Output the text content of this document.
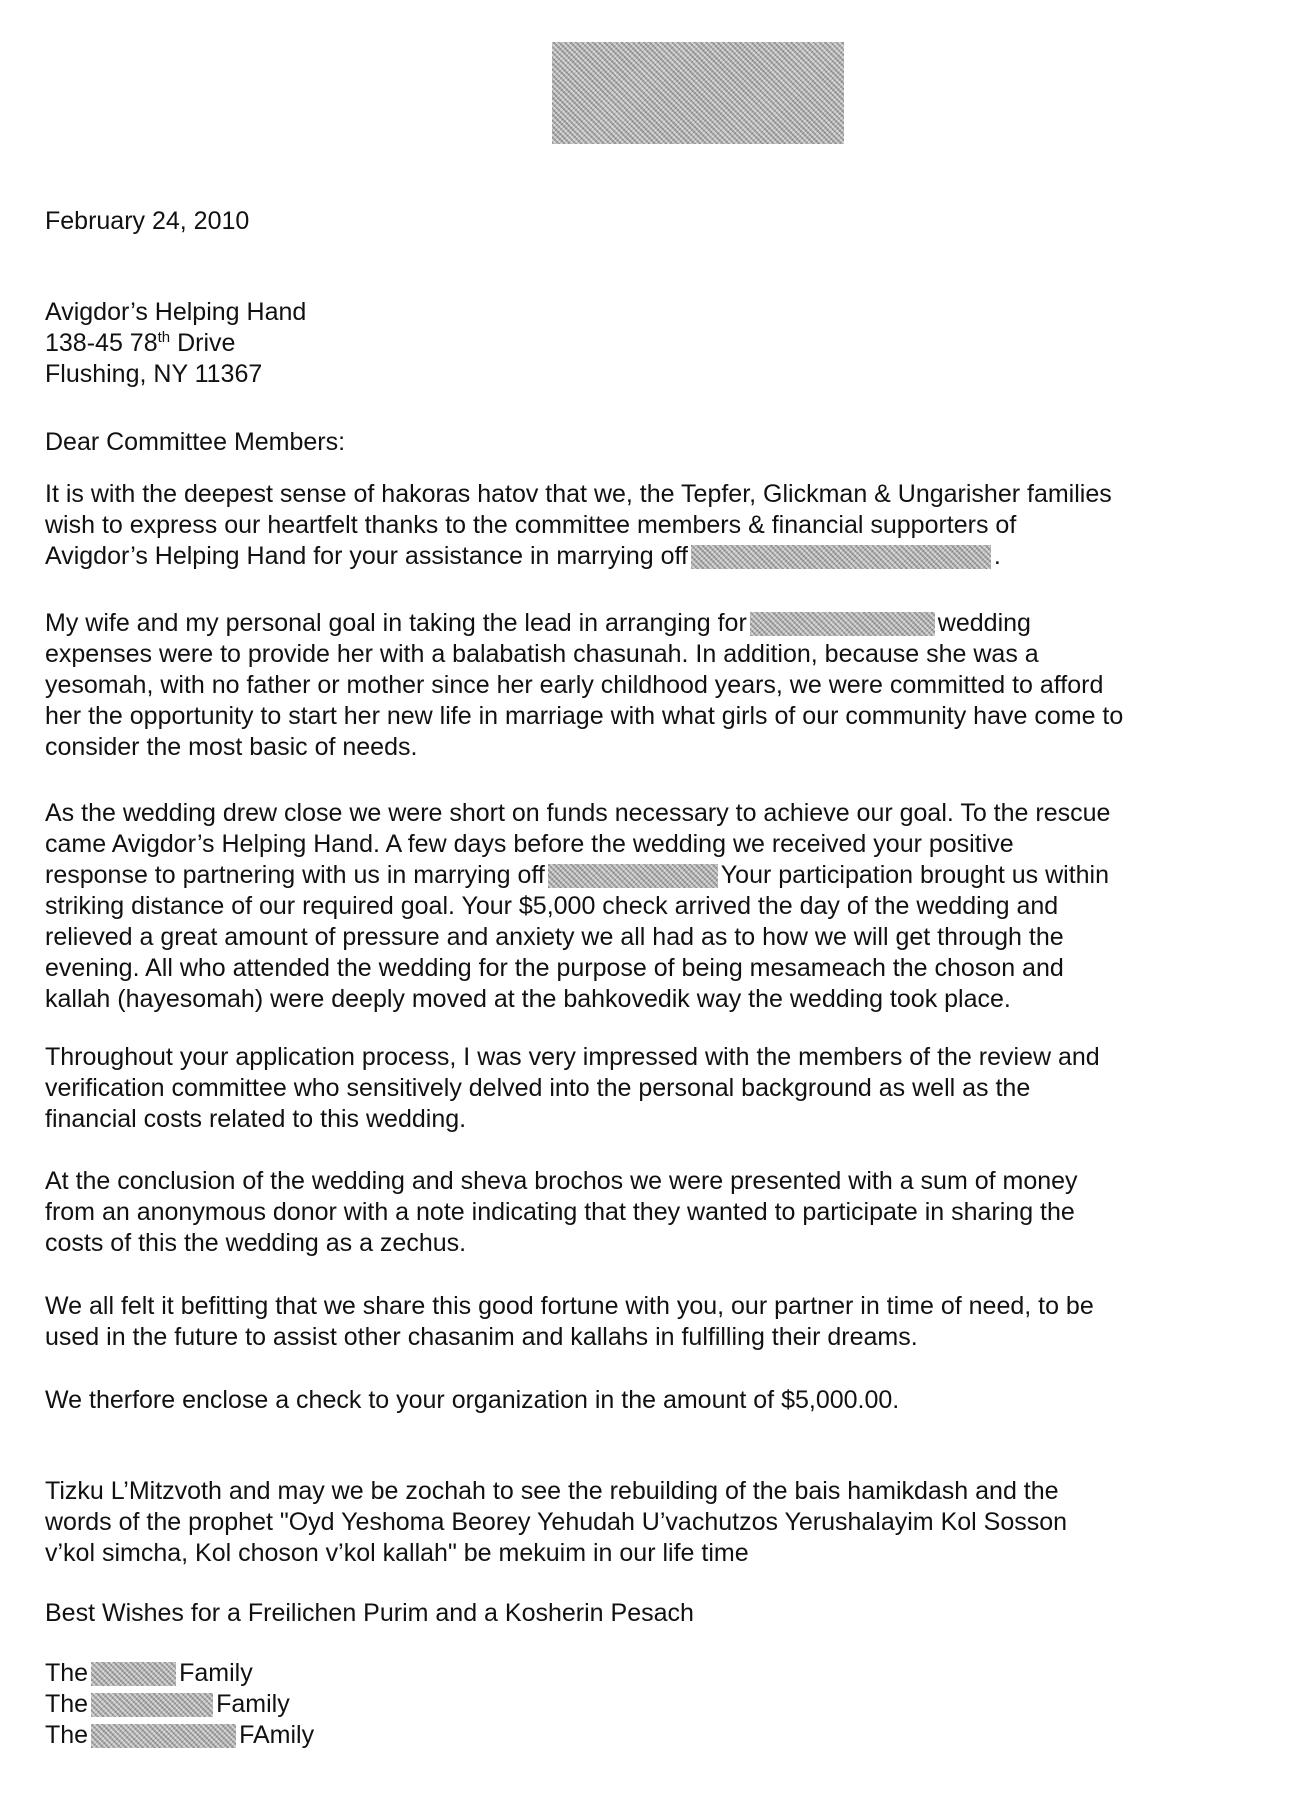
February 24, 2010
Avigdor’s Helping Hand
138-45 78th Drive
Flushing, NY 11367
Dear Committee Members:
It is with the deepest sense of hakoras hatov that we, the Tepfer, Glickman & Ungarisher families
wish to express our heartfelt thanks to the committee members & financial supporters of
Avigdor’s Helping Hand for your assistance in marrying off	.
My wife and my personal goal in taking the lead in arranging for	wedding
expenses were to provide her with a balabatish chasunah. In addition, because she was a
yesomah, with no father or mother since her early childhood years, we were committed to afford
her the opportunity to start her new life in marriage with what girls of our community have come to
consider the most basic of needs.
As the wedding drew close we were short on funds necessary to achieve our goal. To the rescue
came Avigdor’s Helping Hand. A few days before the wedding we received your positive
response to partnering with us in marrying off	Your participation brought us within
striking distance of our required goal. Your $5,000 check arrived the day of the wedding and
relieved a great amount of pressure and anxiety we all had as to how we will get through the
evening. All who attended the wedding for the purpose of being mesameach the choson and
kallah (hayesomah) were deeply moved at the bahkovedik way the wedding took place.
Throughout your application process, I was very impressed with the members of the review and
verification committee who sensitively delved into the personal background as well as the
financial costs related to this wedding.
At the conclusion of the wedding and sheva brochos we were presented with a sum of money
from an anonymous donor with a note indicating that they wanted to participate in sharing the
costs of this the wedding as a zechus.
We all felt it befitting that we share this good fortune with you, our partner in time of need, to be
used in the future to assist other chasanim and kallahs in fulfilling their dreams.
We therfore enclose a check to your organization in the amount of $5,000.00.
Tizku L’Mitzvoth and may we be zochah to see the rebuilding of the bais hamikdash and the
words of the prophet "Oyd Yeshoma Beorey Yehudah U’vachutzos Yerushalayim Kol Sosson
v’kol simcha, Kol choson v’kol kallah" be mekuim in our life time
Best Wishes for a Freilichen Purim and a Kosherin Pesach
The	Family
The	Family
The	FAmily
